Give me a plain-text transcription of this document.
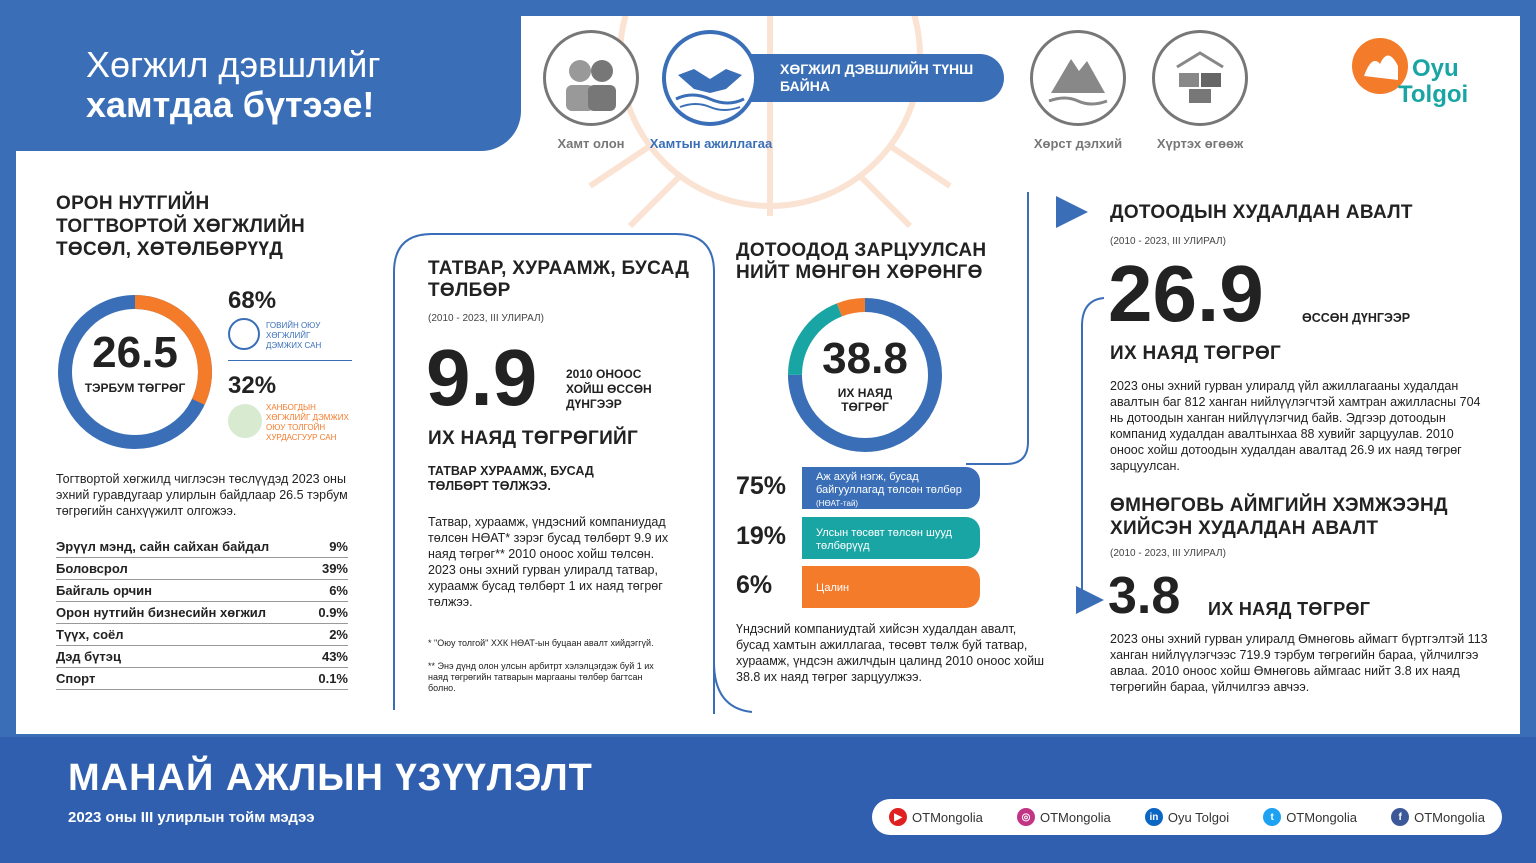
Хөгжил дэвшлийг
хамтдаа бүтээе!
Хамт олон
ХӨГЖИЛ ДЭВШЛИЙН ТҮНШ БАЙНА
Хамтын ажиллагаа	Хөрст дэлхий	Хүртэх өгөөж
Oyu
Tolgoi
ОРОН НУТГИЙН ТОГТВОРТОЙ ХӨГЖЛИЙН ТӨСӨЛ, ХӨТӨЛБӨРҮҮД
26.5
ТЭРБУМ ТӨГРӨГ
68%
ГОВИЙН ОЮУ ХӨГЖЛИЙГ ДЭМЖИХ САН
32%
ХАНБОГДЫН ХӨГЖЛИЙГ ДЭМЖИХ ОЮУ ТОЛГОЙН ХУРДАСГУУР САН
Тогтвортой хөгжилд чиглэсэн төслүүдэд 2023 оны эхний гуравдугаар улирлын байдлаар 26.5 тэрбум төгрөгийн санхүүжилт олгожээ.
Эрүүл мэнд, сайн сайхан байдал	9%
Боловсрол	39%
Байгаль орчин	6%
Орон нутгийн бизнесийн хөгжил	0.9%
Түүх, соёл	2%
Дэд бүтэц	43%
Спорт	0.1%
ТАТВАР, ХУРААМЖ, БУСАД ТӨЛБӨР
(2010 - 2023, III УЛИРАЛ)
9.9 2010 ОНООС ХОЙШ ӨССӨН ДҮНГЭЭР
ИХ НАЯД ТӨГРӨГИЙГ
ТАТВАР ХУРААМЖ, БУСАД ТӨЛБӨРТ ТӨЛЖЭЭ.
Татвар, хураамж, үндэсний компаниудад төлсөн НӨАТ* зэрэг бусад төлбөрт 9.9 их наяд төгрөг** 2010 оноос хойш төлсөн. 2023 оны эхний гурван улиралд татвар, хураамж бусад төлбөрт 1 их наяд төгрөг төлжээ.
* "Оюу толгой" ХХК НӨАТ-ын буцаан авалт хийдэггүй.
** Энэ дүнд олон улсын арбитрт хэлэлцэгдэж буй 1 их наяд төгрөгийн татварын маргааны төлбөр багтсан болно.
ДОТООДОД ЗАРЦУУЛСАН НИЙТ МӨНГӨН ХӨРӨНГӨ
38.8
ИХ НАЯД ТӨГРӨГ
75%	Аж ахуй нэгж, бусад байгууллагад төлсөн төлбөр (НӨАТ-тай)
19%	Улсын төсөвт төлсөн шууд төлбөрүүд
6%	Цалин
Үндэсний компаниудтай хийсэн худалдан авалт, бусад хамтын ажиллагаа, төсөвт төлж буй татвар, хураамж, үндсэн ажилчдын цалинд 2010 оноос хойш 38.8 их наяд төгрөг зарцуулжээ.
ДОТООДЫН ХУДАЛДАН АВАЛТ
(2010 - 2023, III УЛИРАЛ)
26.9	ӨССӨН ДҮНГЭЭР
ИХ НАЯД ТӨГРӨГ
2023 оны эхний гурван улиралд үйл ажиллагааны худалдан авалтын баг 812 ханган нийлүүлэгчтэй хамтран ажилласны 704 нь дотоодын ханган нийлүүлэгчид байв. Эдгээр дотоодын компанид худалдан авалтынхаа 88 хувийг зарцуулав. 2010 оноос хойш дотоодын худалдан авалтад 26.9 их наяд төгрөг зарцуулсан.
ӨМНӨГОВЬ АЙМГИЙН ХЭМЖЭЭНД ХИЙСЭН ХУДАЛДАН АВАЛТ
(2010 - 2023, III УЛИРАЛ)
3.8 ИХ НАЯД ТӨГРӨГ
2023 оны эхний гурван улиралд Өмнөговь аймагт бүртгэлтэй 113 ханган нийлүүлэгчээс 719.9 тэрбум төгрөгийн бараа, үйлчилгээ авлаа. 2010 оноос хойш Өмнөговь аймгаас нийт 3.8 их наяд төгрөгийн бараа, үйлчилгээ авчээ.
МАНАЙ АЖЛЫН ҮЗҮҮЛЭЛТ
2023 оны III улирлын тойм мэдээ	▶ OTMongolia	◎ OTMongolia	in Oyu Tolgoi	t OTMongolia	f OTMongolia
